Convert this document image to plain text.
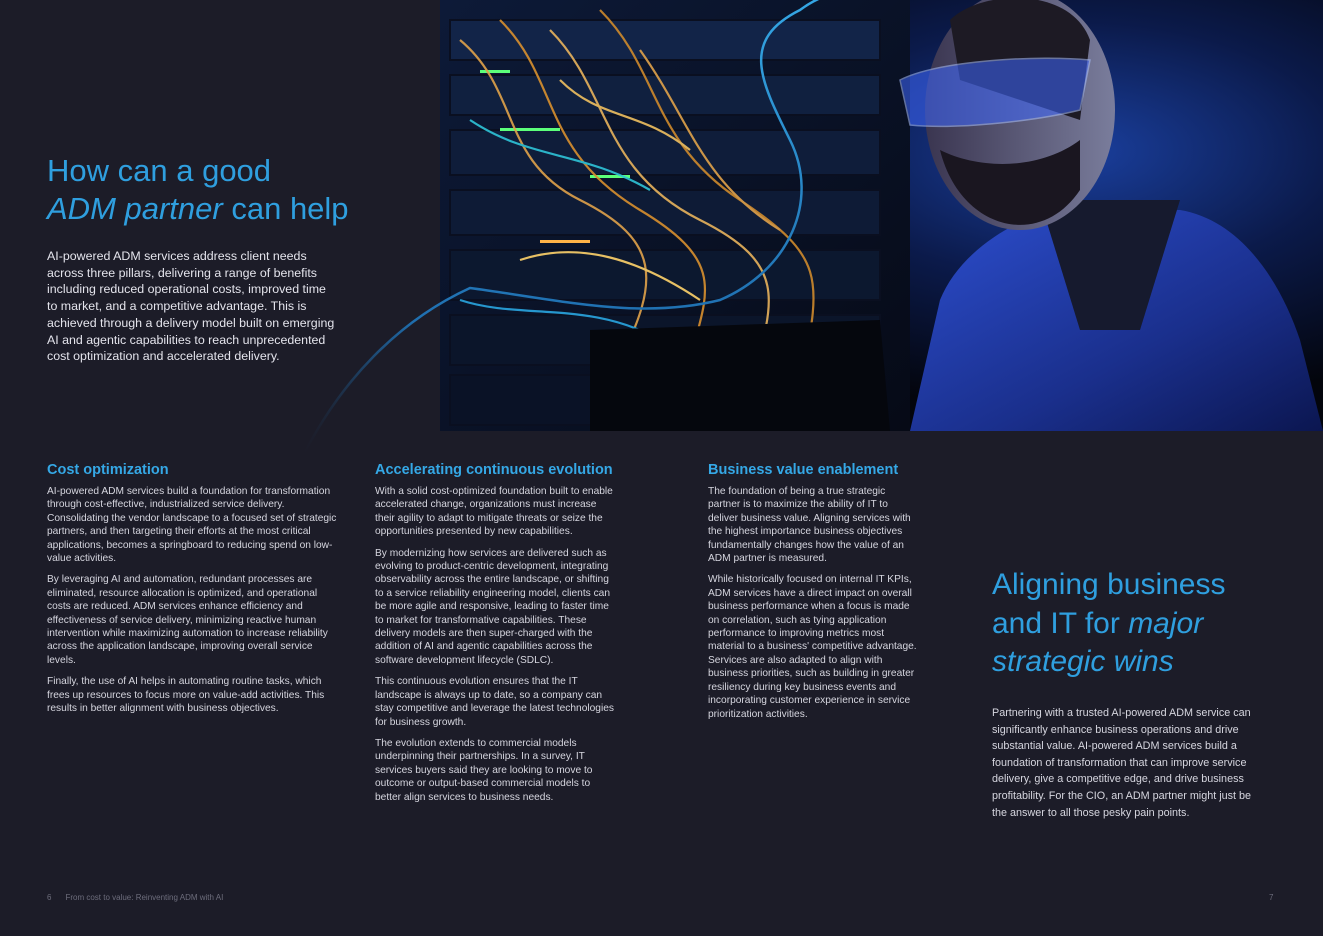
How can a good
ADM partner can help

AI-powered ADM services address client needs across three pillars, delivering a range of benefits including reduced operational costs, improved time to market, and a competitive advantage. This is achieved through a delivery model built on emerging AI and agentic capabilities to reach unprecedented cost optimization and accelerated delivery.

Cost optimization

AI-powered ADM services build a foundation for transformation through cost-effective, industrialized service delivery. Consolidating the vendor landscape to a focused set of strategic partners, and then targeting their efforts at the most critical applications, becomes a springboard to reducing spend on low-value activities.

By leveraging AI and automation, redundant processes are eliminated, resource allocation is optimized, and operational costs are reduced. ADM services enhance efficiency and effectiveness of service delivery, minimizing reactive human intervention while maximizing automation to increase reliability across the application landscape, improving overall service levels.

Finally, the use of AI helps in automating routine tasks, which frees up resources to focus more on value-add activities. This results in better alignment with business objectives.

Accelerating continuous evolution

With a solid cost-optimized foundation built to enable accelerated change, organizations must increase their agility to adapt to mitigate threats or seize the opportunities presented by new capabilities.

By modernizing how services are delivered such as evolving to product-centric development, integrating observability across the entire landscape, or shifting to a service reliability engineering model, clients can be more agile and responsive, leading to faster time to market for transformative capabilities. These delivery models are then super-charged with the addition of AI and agentic capabilities across the software development lifecycle (SDLC).

This continuous evolution ensures that the IT landscape is always up to date, so a company can stay competitive and leverage the latest technologies for business growth.

The evolution extends to commercial models underpinning their partnerships. In a survey, IT services buyers said they are looking to move to outcome or output-based commercial models to better align services to business needs.

Business value enablement

The foundation of being a true strategic partner is to maximize the ability of IT to deliver business value. Aligning services with the highest importance business objectives fundamentally changes how the value of an ADM partner is measured.

While historically focused on internal IT KPIs, ADM services have a direct impact on overall business performance when a focus is made on correlation, such as tying application performance to improving metrics most material to a business' competitive advantage. Services are also adapted to align with business priorities, such as building in greater resiliency during key business events and incorporating customer experience in service prioritization activities.

Aligning business
and IT for major
strategic wins

Partnering with a trusted AI-powered ADM service can significantly enhance business operations and drive substantial value. AI-powered ADM services build a foundation of transformation that can improve service delivery, give a competitive edge, and drive business profitability. For the CIO, an ADM partner might just be the answer to all those pesky pain points.

6 From cost to value: Reinventing ADM with AI	7
